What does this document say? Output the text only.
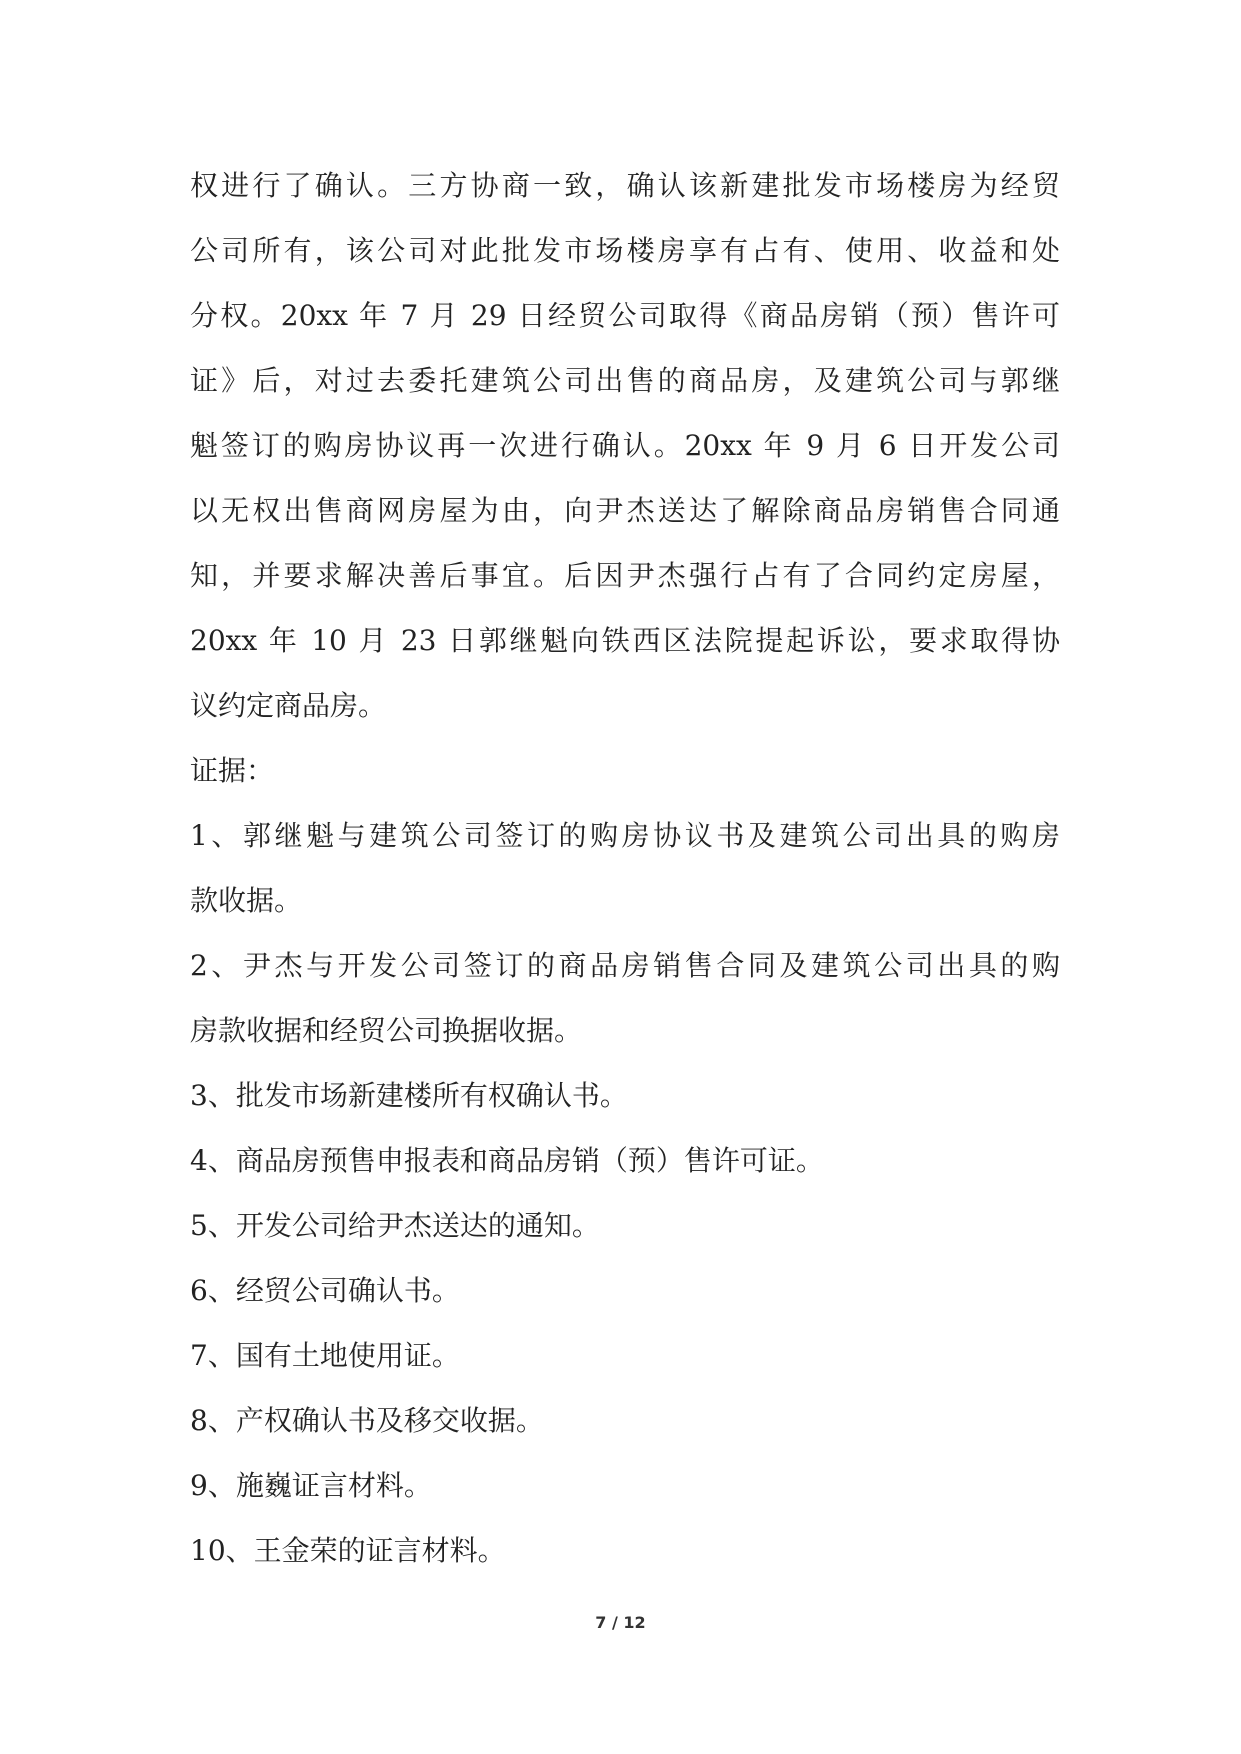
权进行了确认。三方协商一致，确认该新建批发市场楼房为经贸

公司所有，该公司对此批发市场楼房享有占有、使用、收益和处

分权。20xx 年 7 月 29 日经贸公司取得《商品房销（预）售许可

证》后，对过去委托建筑公司出售的商品房，及建筑公司与郭继

魁签订的购房协议再一次进行确认。20xx 年 9 月 6 日开发公司

以无权出售商网房屋为由，向尹杰送达了解除商品房销售合同通

知，并要求解决善后事宜。后因尹杰强行占有了合同约定房屋，

20xx 年 10 月 23 日郭继魁向铁西区法院提起诉讼，要求取得协

议约定商品房。

证据：

1、郭继魁与建筑公司签订的购房协议书及建筑公司出具的购房

款收据。

2、尹杰与开发公司签订的商品房销售合同及建筑公司出具的购

房款收据和经贸公司换据收据。

3、批发市场新建楼所有权确认书。

4、商品房预售申报表和商品房销（预）售许可证。

5、开发公司给尹杰送达的通知。

6、经贸公司确认书。

7、国有土地使用证。

8、产权确认书及移交收据。

9、施巍证言材料。

10、王金荣的证言材料。

7 / 12
